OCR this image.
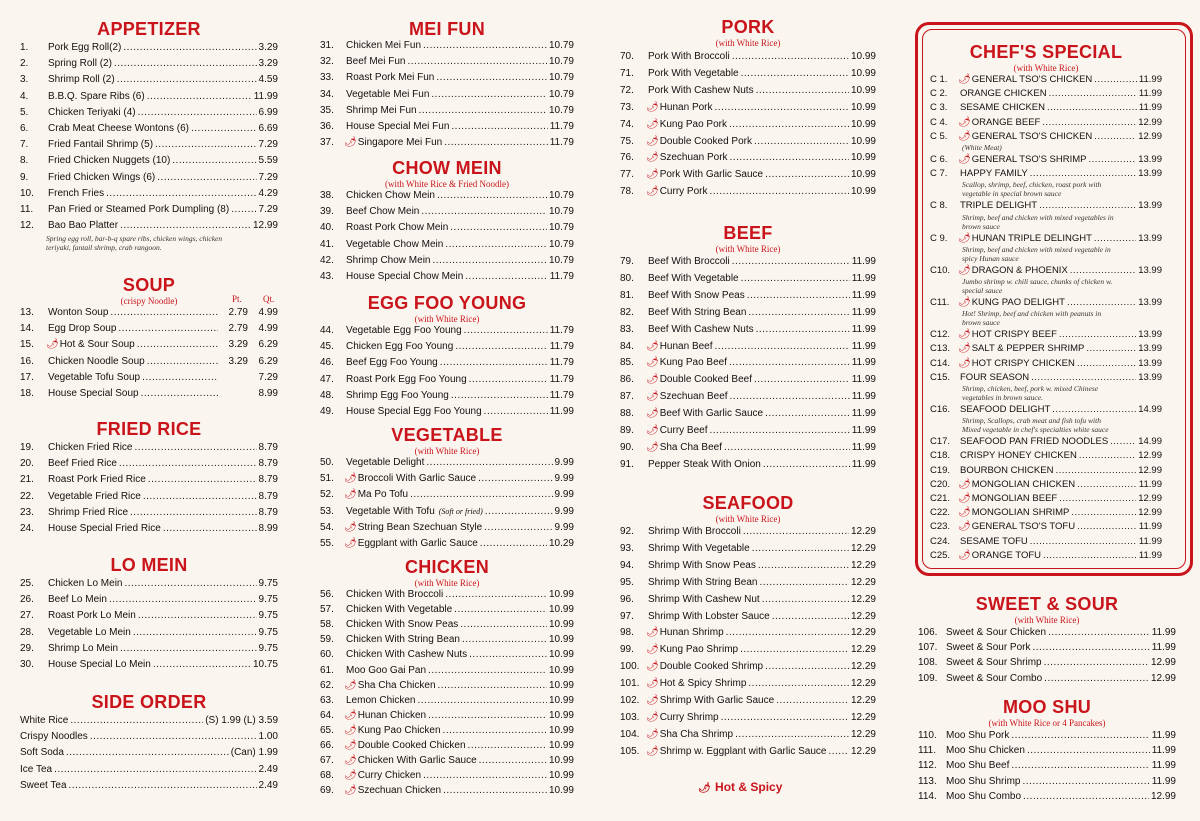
APPETIZER
1.	Pork Egg Roll(2) .....	3.29
2.	Spring Roll (2) .....	3.29
3.	Shrimp Roll (2) .....	4.59
4.	B.B.Q. Spare Ribs (6) .....	11.99
5.	Chicken Teriyaki (4) .....	6.99
6.	Crab Meat Cheese Wontons (6) .....	6.69
7.	Fried Fantail Shrimp (5) .....	7.29
8.	Fried Chicken Nuggets (10) .....	5.59
9.	Fried Chicken Wings (6) .....	7.29
10.	French Fries .....	4.29
11.	Pan Fried or Steamed Pork Dumpling (8) .....	7.29
12.	Bao Bao Platter .....	12.99
Spring egg roll, bar-b-q spare ribs, chicken wings, chicken teriyaki, fantail shrimp, crab rangoon.
SOUP
(crispy Noodle)	Pt. Qt.
13.	Wonton Soup .....	2.79	4.99
14.	Egg Drop Soup .....	2.79	4.99
15.	🌶︎ Hot & Sour Soup .....	3.29	6.29
16.	Chicken Noodle Soup .....	3.29	6.29
17.	Vegetable Tofu Soup .....	7.29
18.	House Special Soup .....	8.99
FRIED RICE
19.	Chicken Fried Rice .....	8.79
20.	Beef Fried Rice .....	8.79
21.	Roast Pork Fried Rice .....	8.79
22.	Vegetable Fried Rice .....	8.79
23.	Shrimp Fried Rice .....	8.79
24.	House Special Fried Rice .....	8.99
LO MEIN
25.	Chicken Lo Mein .....	9.75
26.	Beef Lo Mein .....	9.75
27.	Roast Pork Lo Mein .....	9.75
28.	Vegetable Lo Mein .....	9.75
29.	Shrimp Lo Mein .....	9.75
30.	House Special Lo Mein .....	10.75
SIDE ORDER
White Rice .....	(S) 1.99 (L) 3.59
Crispy Noodles .....	1.00
Soft Soda .....	(Can) 1.99
Ice Tea .....	2.49
Sweet Tea .....	2.49
MEI FUN
31.	Chicken Mei Fun .....	10.79
32.	Beef Mei Fun .....	10.79
33.	Roast Pork Mei Fun .....	10.79
34.	Vegetable Mei Fun .....	10.79
35.	Shrimp Mei Fun .....	10.79
36.	House Special Mei Fun .....	11.79
37.	🌶︎ Singapore Mei Fun .....	11.79
CHOW MEIN
(with White Rice & Fried Noodle)
38.	Chicken Chow Mein .....	10.79
39.	Beef Chow Mein .....	10.79
40.	Roast Pork Chow Mein .....	10.79
41.	Vegetable Chow Mein .....	10.79
42.	Shrimp Chow Mein .....	10.79
43.	House Special Chow Mein .....	11.79
EGG FOO YOUNG
(with White Rice)
44.	Vegetable Egg Foo Young .....	11.79
45.	Chicken Egg Foo Young .....	11.79
46.	Beef Egg Foo Young .....	11.79
47.	Roast Pork Egg Foo Young .....	11.79
48.	Shrimp Egg Foo Young .....	11.79
49.	House Special Egg Foo Young .....	11.99
VEGETABLE
(with White Rice)
50.	Vegetable Delight .....	9.99
51.	🌶︎ Broccoli With Garlic Sauce .....	9.99
52.	🌶︎ Ma Po Tofu .....	9.99
53.	Vegetable With Tofu (Soft or fried) .....	9.99
54.	🌶︎ String Bean Szechuan Style .....	9.99
55.	🌶︎ Eggplant with Garlic Sauce .....	10.29
CHICKEN
(with White Rice)
56.	Chicken With Broccoli .....	10.99
57.	Chicken With Vegetable .....	10.99
58.	Chicken With Snow Peas .....	10.99
59.	Chicken With String Bean .....	10.99
60.	Chicken With Cashew Nuts .....	10.99
61.	Moo Goo Gai Pan .....	10.99
62.	🌶︎ Sha Cha Chicken .....	10.99
63.	Lemon Chicken .....	10.99
64.	🌶︎ Hunan Chicken .....	10.99
65.	🌶︎ Kung Pao Chicken .....	10.99
66.	🌶︎ Double Cooked Chicken .....	10.99
67.	🌶︎ Chicken With Garlic Sauce .....	10.99
68.	🌶︎ Curry Chicken .....	10.99
69.	🌶︎ Szechuan Chicken .....	10.99
PORK
(with White Rice)
70.	Pork With Broccoli .....	10.99
71.	Pork With Vegetable .....	10.99
72.	Pork With Cashew Nuts .....	10.99
73.	🌶︎ Hunan Pork .....	10.99
74.	🌶︎ Kung Pao Pork .....	10.99
75.	🌶︎ Double Cooked Pork .....	10.99
76.	🌶︎ Szechuan Pork .....	10.99
77.	🌶︎ Pork With Garlic Sauce .....	10.99
78.	🌶︎ Curry Pork .....	10.99
BEEF
(with White Rice)
79.	Beef With Broccoli .....	11.99
80.	Beef With Vegetable .....	11.99
81.	Beef With Snow Peas .....	11.99
82.	Beef With String Bean .....	11.99
83.	Beef With Cashew Nuts .....	11.99
84.	🌶︎ Hunan Beef .....	11.99
85.	🌶︎ Kung Pao Beef .....	11.99
86.	🌶︎ Double Cooked Beef .....	11.99
87.	🌶︎ Szechuan Beef .....	11.99
88.	🌶︎ Beef With Garlic Sauce .....	11.99
89.	🌶︎ Curry Beef .....	11.99
90.	🌶︎ Sha Cha Beef .....	11.99
91.	Pepper Steak With Onion .....	11.99
SEAFOOD
(with White Rice)
92.	Shrimp With Broccoli .....	12.29
93.	Shrimp With Vegetable .....	12.29
94.	Shrimp With Snow Peas .....	12.29
95.	Shrimp With String Bean .....	12.29
96.	Shrimp With Cashew Nut .....	12.29
97.	Shrimp With Lobster Sauce .....	12.29
98.	🌶︎ Hunan Shrimp .....	12.29
99.	🌶︎ Kung Pao Shrimp .....	12.29
100. 🌶︎ Double Cooked Shrimp .....	12.29
101. 🌶︎ Hot & Spicy Shrimp .....	12.29
102. 🌶︎ Shrimp With Garlic Sauce .....	12.29
103. 🌶︎ Curry Shrimp .....	12.29
104. 🌶︎ Sha Cha Shrimp .....	12.29
105. 🌶︎ Shrimp w. Eggplant with Garlic Sauce ..... 12.29
🌶︎ Hot & Spicy
CHEF'S SPECIAL
(with White Rice)
C 1.	🌶︎ GENERAL TSO'S CHICKEN .....	11.99
C 2.	ORANGE CHICKEN .....	11.99
C 3.	SESAME CHICKEN .....	11.99
C 4.	🌶︎ ORANGE BEEF .....	12.99
C 5.	🌶︎ GENERAL TSO'S CHICKEN .....	12.99
(White Meat)
C 6.	🌶︎ GENERAL TSO'S SHRIMP .....	13.99
C 7.	HAPPY FAMILY .....	13.99
Scallop, shrimp, beef, chicken, roast pork with vegetable in special brown sauce
C 8.	TRIPLE DELIGHT .....	13.99
Shrimp, beef and chicken with mixed vegetables in brown sauce
C 9.	🌶︎ HUNAN TRIPLE DELINGHT .....	13.99
Shrimp, beef and chicken with mixed vegetable in spicy Hunan sauce
C10. 🌶︎ DRAGON & PHOENIX .....	13.99
Jumbo shrimp w. chili sauce, chunks of chicken w. special sauce
C11. 🌶︎ KUNG PAO DELIGHT .....	13.99
Hot! Shrimp, beef and chicken with peanuts in brown sauce
C12. 🌶︎ HOT CRISPY BEEF .....	13.99
C13. 🌶︎ SALT & PEPPER SHRIMP .....	13.99
C14. 🌶︎ HOT CRISPY CHICKEN .....	13.99
C15.	FOUR SEASON .....	13.99
Shrimp, chicken, beef, pork w. mixed Chinese vegetables in brown sauce.
C16.	SEAFOOD DELIGHT .....	14.99
Shrimp, Scallops, crab meat and fish tofu with Mixed vegetable in chef's specialties white sauce
C17.	SEAFOOD PAN FRIED NOODLES .....	14.99
C18.	CRISPY HONEY CHICKEN .....	12.99
C19.	BOURBON CHICKEN .....	12.99
C20. 🌶︎ MONGOLIAN CHICKEN .....	11.99
C21. 🌶︎ MONGOLIAN BEEF .....	12.99
C22. 🌶︎ MONGOLIAN SHRIMP .....	12.99
C23. 🌶︎ GENERAL TSO'S TOFU .....	11.99
C24.	SESAME TOFU .....	11.99
C25. 🌶︎ ORANGE TOFU .....	11.99
SWEET & SOUR
(with White Rice)
106. Sweet & Sour Chicken .....	11.99
107. Sweet & Sour Pork .....	11.99
108. Sweet & Sour Shrimp .....	12.99
109. Sweet & Sour Combo .....	12.99
MOO SHU
(with White Rice or 4 Pancakes)
110. Moo Shu Pork .....	11.99
111.	Moo Shu Chicken .....	11.99
112. Moo Shu Beef .....	11.99
113. Moo Shu Shrimp .....	11.99
114. Moo Shu Combo .....	12.99
